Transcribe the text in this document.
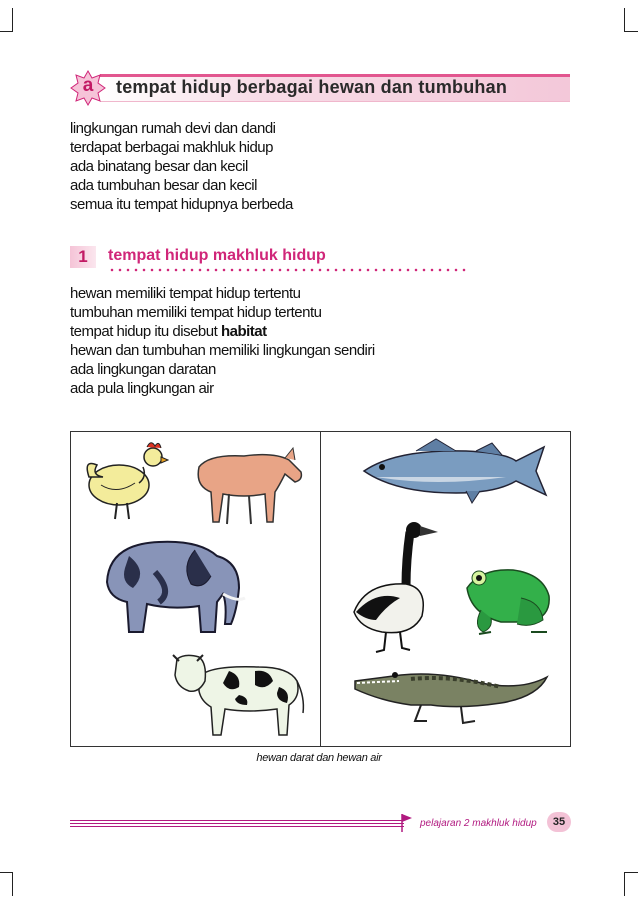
a	tempat hidup berbagai hewan dan tumbuhan
lingkungan rumah devi dan dandi
terdapat berbagai makhluk hidup
ada binatang besar dan kecil
ada tumbuhan besar dan kecil
semua itu tempat hidupnya berbeda
1	tempat hidup makhluk hidup
hewan memiliki tempat hidup tertentu
tumbuhan memiliki tempat hidup tertentu
tempat hidup itu disebut habitat
hewan dan tumbuhan memiliki lingkungan sendiri
ada lingkungan daratan
ada pula lingkungan air
hewan darat dan hewan air
pelajaran 2 makhluk hidup	35
